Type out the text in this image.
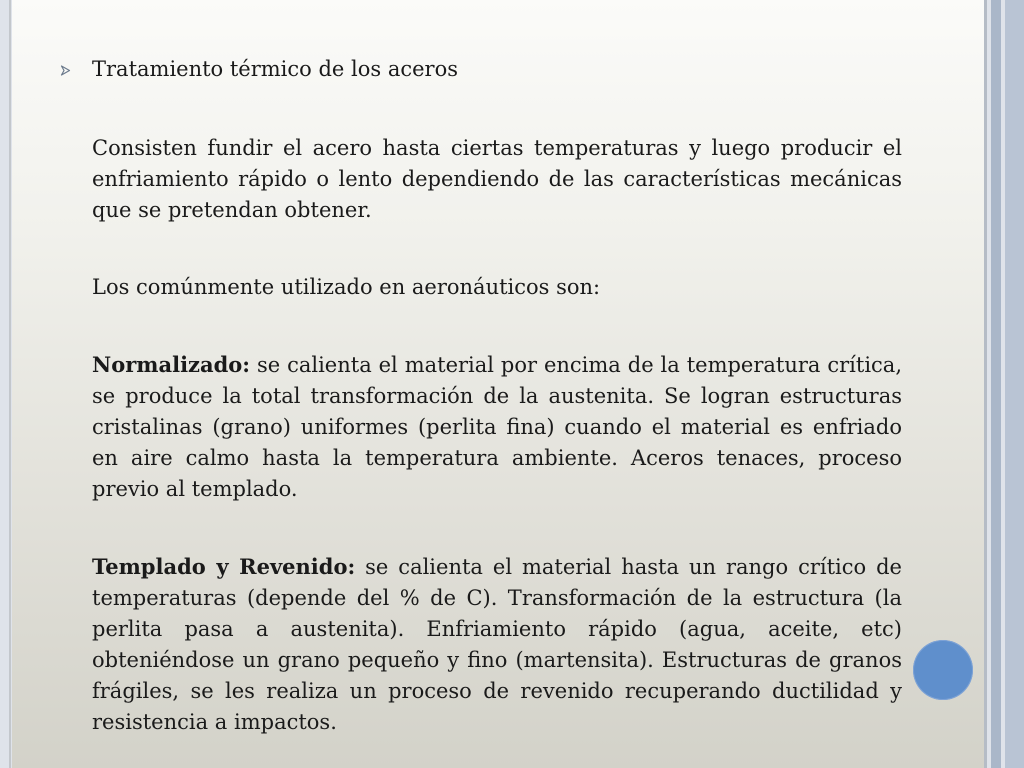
Tratamiento térmico de los aceros

Consisten fundir el acero hasta ciertas temperaturas y luego producir el enfriamiento rápido o lento dependiendo de las características mecánicas que se pretendan obtener.

Los comúnmente utilizado en aeronáuticos son:

Normalizado: se calienta el material por encima de la temperatura crítica, se produce la total transformación de la austenita. Se logran estructuras cristalinas (grano) uniformes (perlita fina) cuando el material es enfriado en aire calmo hasta la temperatura ambiente. Aceros tenaces, proceso previo al templado.

Templado y Revenido: se calienta el material hasta un rango crítico de temperaturas (depende del % de C). Transformación de la estructura (la perlita pasa a austenita). Enfriamiento rápido (agua, aceite, etc) obteniéndose un grano pequeño y fino (martensita). Estructuras de granos frágiles, se les realiza un proceso de revenido recuperando ductilidad y resistencia a impactos.
